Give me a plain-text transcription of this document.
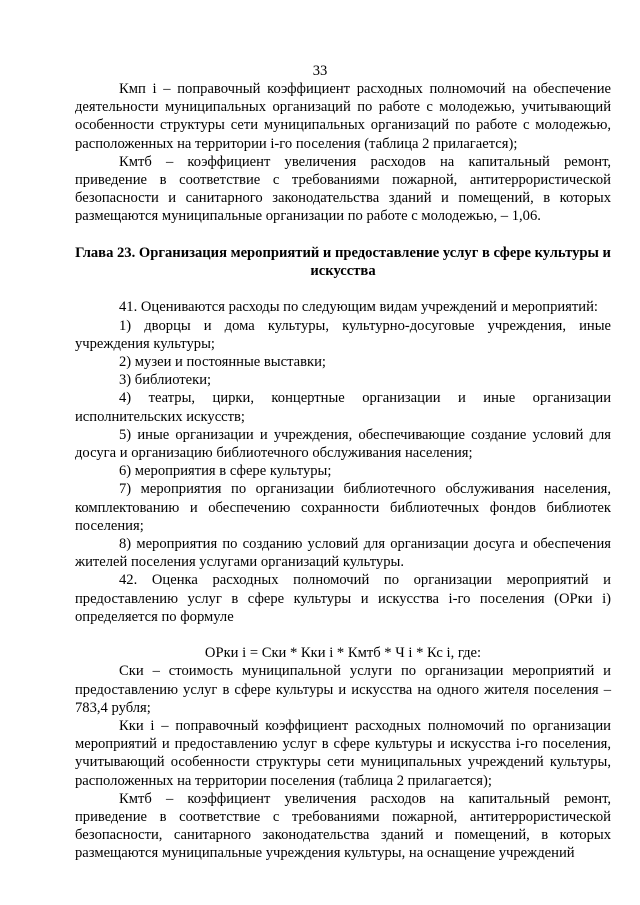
33

Кмп i – поправочный коэффициент расходных полномочий на обеспечение деятельности муниципальных организаций по работе с молодежью, учитывающий особенности структуры сети муниципальных организаций по работе с молодежью, расположенных на территории i-го поселения (таблица 2 прилагается);

Кмтб – коэффициент увеличения расходов на капитальный ремонт, приведение в соответствие с требованиями пожарной, антитеррористической безопасности и санитарного законодательства зданий и помещений, в которых размещаются муниципальные организации по работе с молодежью, – 1,06.

Глава 23. Организация мероприятий и предоставление услуг в сфере культуры и искусства

41. Оцениваются расходы по следующим видам учреждений и мероприятий:

1) дворцы и дома культуры, культурно-досуговые учреждения, иные учреждения культуры;

2) музеи и постоянные выставки;

3) библиотеки;

4) театры, цирки, концертные организации и иные организации исполнительских искусств;

5) иные организации и учреждения, обеспечивающие создание условий для досуга и организацию библиотечного обслуживания населения;

6) мероприятия в сфере культуры;

7) мероприятия по организации библиотечного обслуживания населения, комплектованию и обеспечению сохранности библиотечных фондов библиотек поселения;

8) мероприятия по созданию условий для организации досуга и обеспечения жителей поселения услугами организаций культуры.

42. Оценка расходных полномочий по организации мероприятий и предоставлению услуг в сфере культуры и искусства i-го поселения (ОРки i) определяется по формуле

ОРки i = Ски * Кки i * Кмтб * Ч i * Кс i, где:

Ски – стоимость муниципальной услуги по организации мероприятий и предоставлению услуг в сфере культуры и искусства на одного жителя поселения – 783,4 рубля;

Кки i – поправочный коэффициент расходных полномочий по организации мероприятий и предоставлению услуг в сфере культуры и искусства i-го поселения, учитывающий особенности структуры сети муниципальных учреждений культуры, расположенных на территории поселения (таблица 2 прилагается);

Кмтб – коэффициент увеличения расходов на капитальный ремонт, приведение в соответствие с требованиями пожарной, антитеррористической безопасности, санитарного законодательства зданий и помещений, в которых размещаются муниципальные учреждения культуры, на оснащение учреждений
